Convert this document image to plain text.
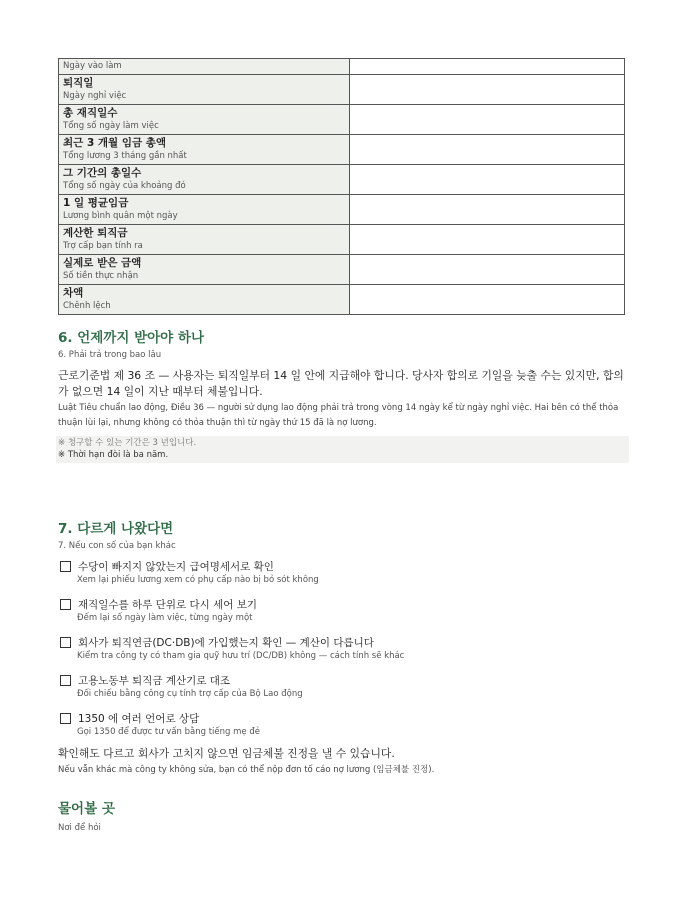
Ngày vào làm	

퇴직일
Ngày nghỉ việc	

총 재직일수
Tổng số ngày làm việc	

최근 3 개월 임금 총액
Tổng lương 3 tháng gần nhất	

그 기간의 총일수
Tổng số ngày của khoảng đó	

1 일 평균임금
Lương bình quân một ngày	

계산한 퇴직금
Trợ cấp bạn tính ra	

실제로 받은 금액
Số tiền thực nhận	

차액
Chênh lệch	

6. 언제까지 받아야 하나

6. Phải trả trong bao lâu

근로기준법 제 36 조 — 사용자는 퇴직일부터 14 일 안에 지급해야 합니다. 당사자 합의로 기일을 늦출 수는 있지만, 합의가 없으면 14 일이 지난 때부터 체불입니다.

Luật Tiêu chuẩn lao động, Điều 36 — người sử dụng lao động phải trả trong vòng 14 ngày kể từ ngày nghỉ việc. Hai bên có thể thỏa thuận lùi lại, nhưng không có thỏa thuận thì từ ngày thứ 15 đã là nợ lương.

※ 청구할 수 있는 기간은 3 년입니다.
※ Thời hạn đòi là ba năm.
7. 다르게 나왔다면

7. Nếu con số của bạn khác

수당이 빠지지 않았는지 급여명세서로 확인
Xem lại phiếu lương xem có phụ cấp nào bị bỏ sót không
재직일수를 하루 단위로 다시 세어 보기
Đếm lại số ngày làm việc, từng ngày một
회사가 퇴직연금(DC·DB)에 가입했는지 확인 — 계산이 다릅니다
Kiểm tra công ty có tham gia quỹ hưu trí (DC/DB) không — cách tính sẽ khác
고용노동부 퇴직금 계산기로 대조
Đối chiếu bằng công cụ tính trợ cấp của Bộ Lao động
1350 에 여러 언어로 상담
Gọi 1350 để được tư vấn bằng tiếng mẹ đẻ

확인해도 다르고 회사가 고치지 않으면 임금체불 진정을 낼 수 있습니다.

Nếu vẫn khác mà công ty không sửa, bạn có thể nộp đơn tố cáo nợ lương (임금체불 진정).

물어볼 곳

Nơi để hỏi
